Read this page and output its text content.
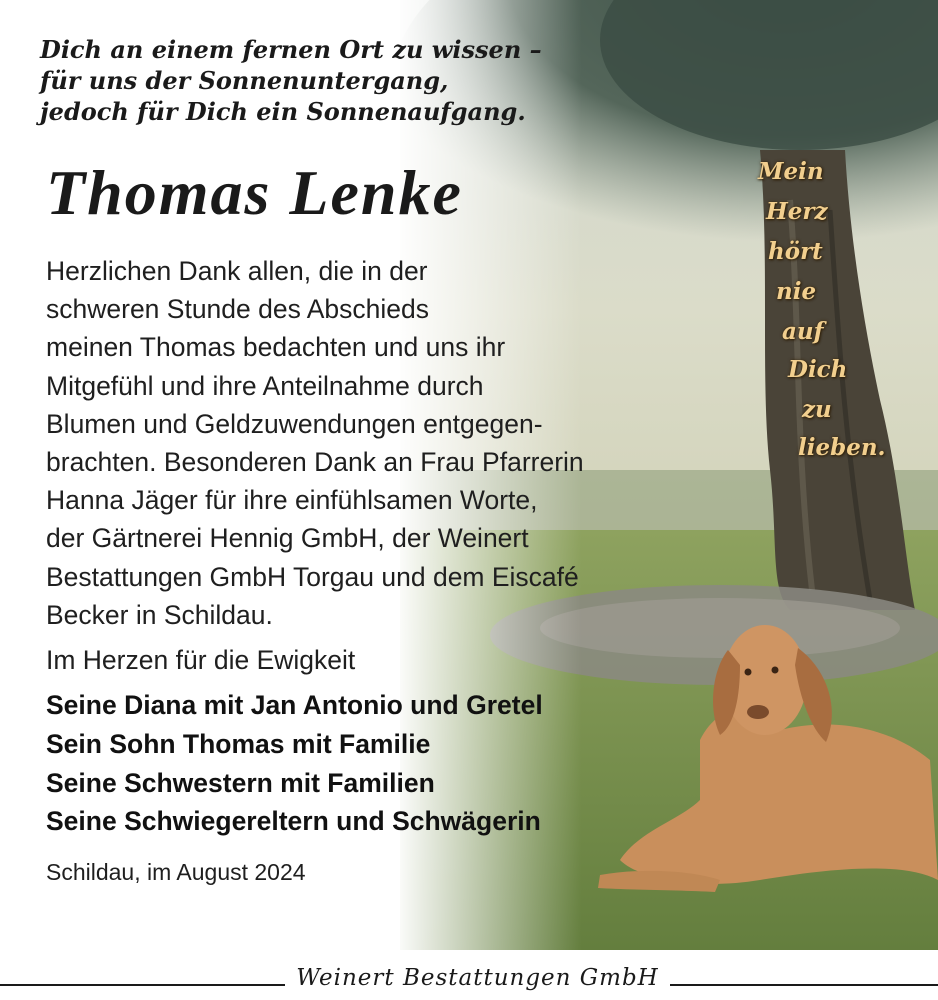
Dich an einem fernen Ort zu wissen –
für uns der Sonnenuntergang,
jedoch für Dich ein Sonnenaufgang.

Thomas Lenke

Herzlichen Dank allen, die in der
schweren Stunde des Abschieds
meinen Thomas bedachten und uns ihr
Mitgefühl und ihre Anteilnahme durch
Blumen und Geldzuwendungen entgegen-
brachten. Besonderen Dank an Frau Pfarrerin
Hanna Jäger für ihre einfühlsamen Worte,
der Gärtnerei Hennig GmbH, der Weinert
Bestattungen GmbH Torgau und dem Eiscafé
Becker in Schildau.

Im Herzen für die Ewigkeit

Seine Diana mit Jan Antonio und Gretel
Sein Sohn Thomas mit Familie
Seine Schwestern mit Familien
Seine Schwiegereltern und Schwägerin

Schildau, im August 2024

Mein
Herz
hört
nie
auf
Dich
zu
lieben.

Weinert Bestattungen GmbH
